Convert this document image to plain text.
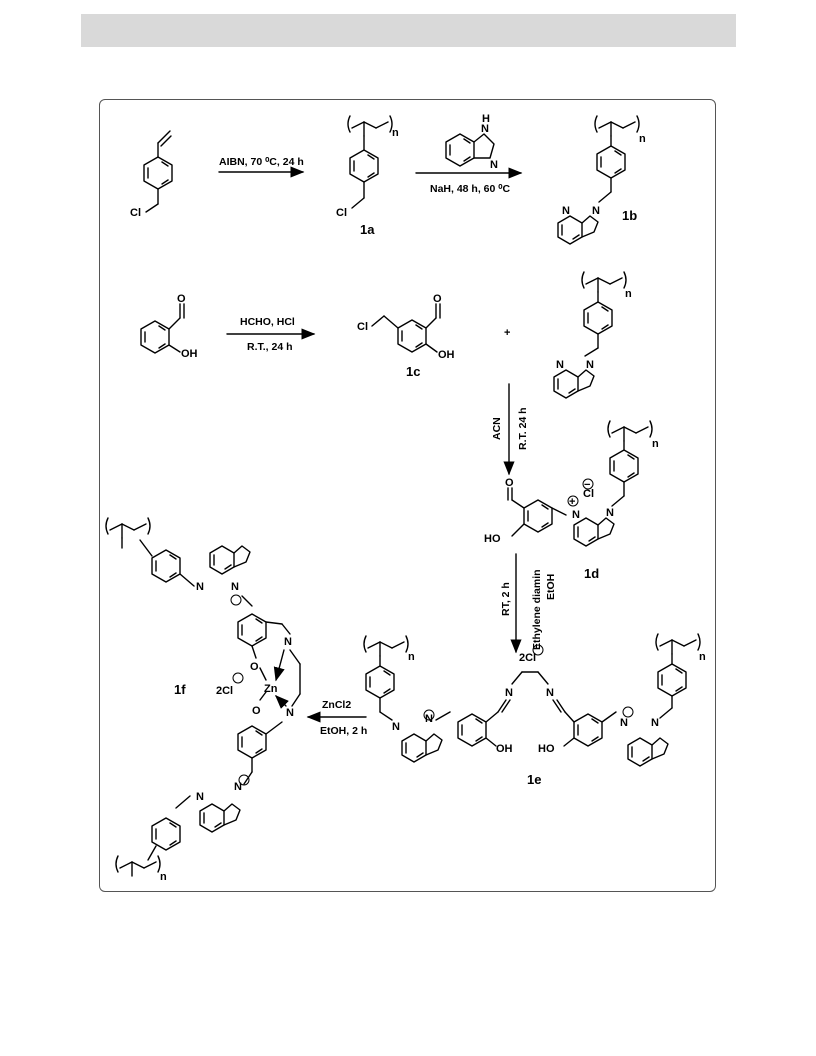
Cl
AIBN, 70 ⁰C, 24 h
n
Cl
1a
N
H
N
NaH, 48 h, 60 ⁰C
n
N N 1b
O
OH
HCHO, HCl
R.T., 24 h
Cl
O
OH
1c
+
n
N N
ACN R.T. 24 h	n
N
N
+
Cl
−
O
HO
1d
RT, 2 h Ethylene diamin EtOH
n
N
N
N
OH
2Cl
N
HO
N N
n
1e
ZnCl2
EtOH, 2 h
N N
N
O
Zn
N
O
N
N
n
1f	2Cl
